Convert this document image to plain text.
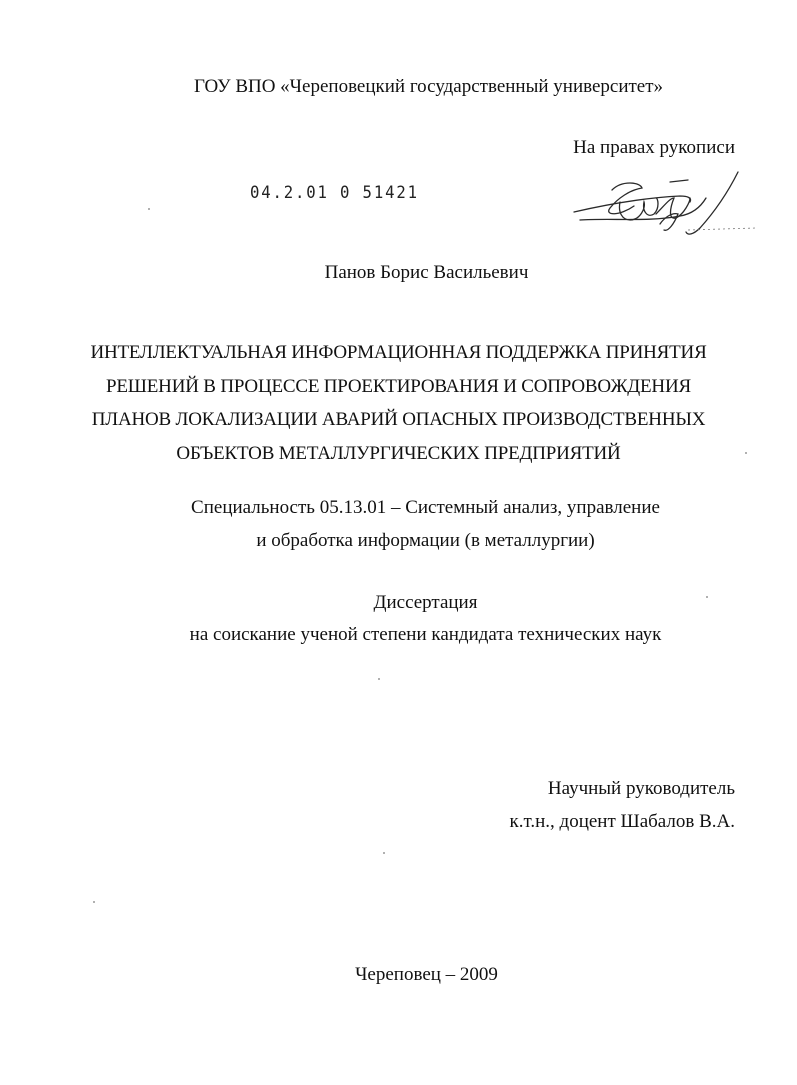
ГОУ ВПО «Череповецкий государственный университет»
На правах рукописи
04.2.01 0 51421
Панов Борис Васильевич
ИНТЕЛЛЕКТУАЛЬНАЯ ИНФОРМАЦИОННАЯ ПОДДЕРЖКА ПРИНЯТИЯ
РЕШЕНИЙ В ПРОЦЕССЕ ПРОЕКТИРОВАНИЯ И СОПРОВОЖДЕНИЯ
ПЛАНОВ ЛОКАЛИЗАЦИИ АВАРИЙ ОПАСНЫХ ПРОИЗВОДСТВЕННЫХ
ОБЪЕКТОВ МЕТАЛЛУРГИЧЕСКИХ ПРЕДПРИЯТИЙ
Специальность 05.13.01 – Системный анализ, управление
и обработка информации (в металлургии)
Диссертация
на соискание ученой степени кандидата технических наук
Научный руководитель
к.т.н., доцент Шабалов В.А.
Череповец – 2009
